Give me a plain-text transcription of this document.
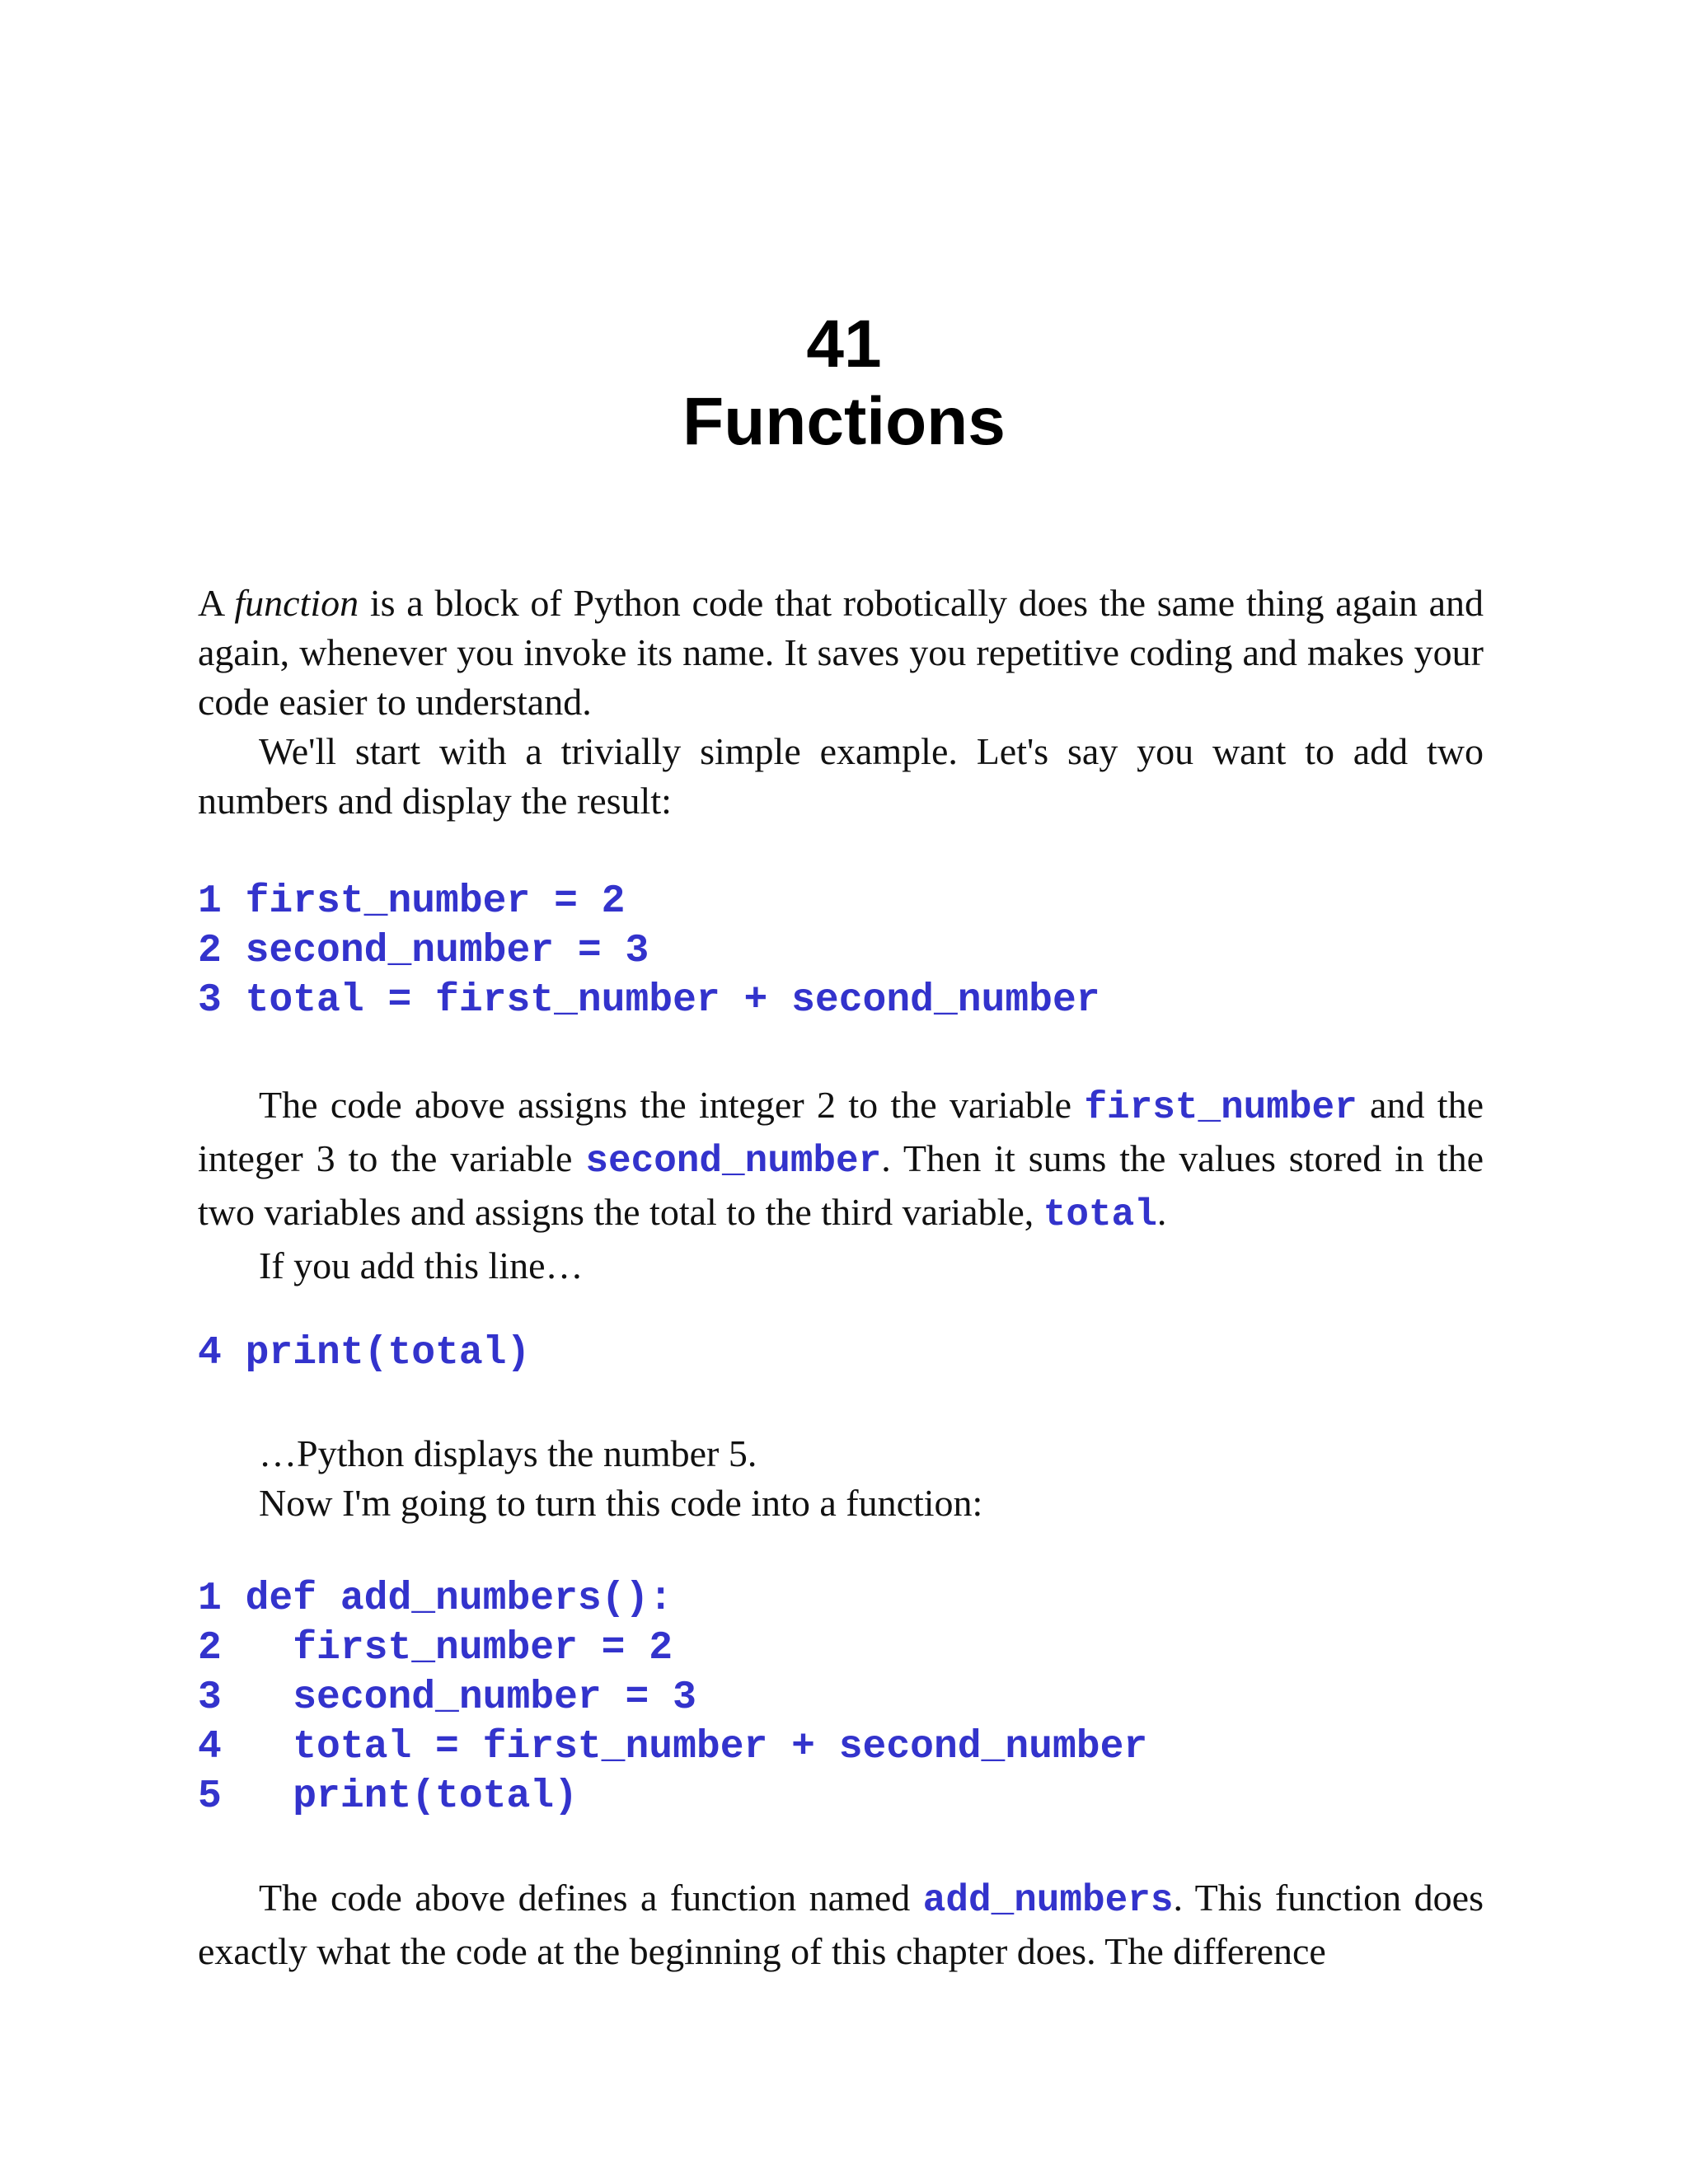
41
Functions

A function is a block of Python code that robotically does the same thing again and again, whenever you invoke its name. It saves you repetitive coding and makes your code easier to understand.

We'll start with a trivially simple example. Let's say you want to add two numbers and display the result:

1 first_number = 2
2 second_number = 3
3 total = first_number + second_number

The code above assigns the integer 2 to the variable first_number and the integer 3 to the variable second_number. Then it sums the values stored in the two variables and assigns the total to the third variable, total.

If you add this line…

4 print(total)

…Python displays the number 5.

Now I'm going to turn this code into a function:

1 def add_numbers():
2   first_number = 2
3   second_number = 3
4   total = first_number + second_number
5   print(total)

The code above defines a function named add_numbers. This function does exactly what the code at the beginning of this chapter does. The difference
